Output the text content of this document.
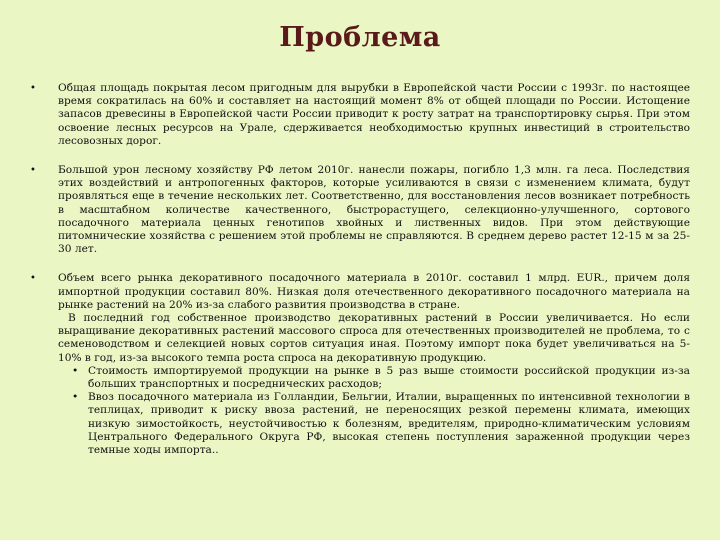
Проблема
• Общая площадь покрытая лесом пригодным для вырубки в Европейской части России с 1993г. по настоящее время сократилась на 60% и составляет на настоящий момент 8% от общей площади по России. Истощение запасов древесины в Европейской части России приводит к росту затрат на транспортировку сырья. При этом освоение лесных ресурсов на Урале, сдерживается необходимостью крупных инвестиций в строительство лесовозных дорог.

• Большой урон лесному хозяйству РФ летом 2010г. нанесли пожары, погибло 1,3 млн. га леса. Последствия этих воздействий и антропогенных факторов, которые усиливаются в связи с изменением климата, будут проявляться еще в течение нескольких лет. Соответственно, для восстановления лесов возникает потребность в масштабном количестве качественного, быстрорастущего, селекционно-улучшенного, сортового посадочного материала ценных генотипов хвойных и лиственных видов. При этом действующие питомнические хозяйства с решением этой проблемы не справляются. В среднем дерево растет 12-15 м за 25-30 лет.

• Объем всего рынка декоративного посадочного материала в 2010г. составил 1 млрд. EUR., причем доля импортной продукции составил 80%. Низкая доля отечественного декоративного посадочного материала на рынке растений на 20% из-за слабого развития производства в стране.

В последний год собственное производство декоративных растений в России увеличивается. Но если выращивание декоративных растений массового спроса для отечественных производителей не проблема, то с семеноводством и селекцией новых сортов ситуация иная. Поэтому импорт пока будет увеличиваться на 5-10% в год, из-за высокого темпа роста спроса на декоративную продукцию.

• Стоимость импортируемой продукции на рынке в 5 раз выше стоимости российской продукции из-за больших транспортных и посреднических расходов;

• Ввоз посадочного материала из Голландии, Бельгии, Италии, выращенных по интенсивной технологии в теплицах, приводит к риску ввоза растений, не переносящих резкой перемены климата, имеющих низкую зимостойкость, неустойчивостью к болезням, вредителям, природно-климатическим условиям Центрального Федерального Округа РФ, высокая степень поступления зараженной продукции через темные ходы импорта..
